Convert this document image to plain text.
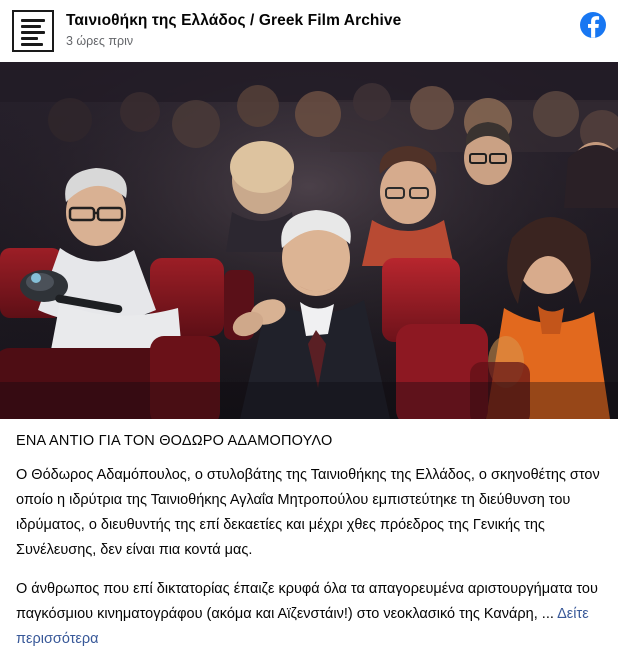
Ταινιοθήκη της Ελλάδος / Greek Film Archive
3 ώρες πριν
ΕΝΑ ΑΝΤΙΟ ΓΙΑ ΤΟΝ ΘΟΔΩΡΟ ΑΔΑΜΟΠΟΥΛΟ

Ο Θόδωρος Αδαμόπουλος, ο στυλοβάτης της Ταινιοθήκης της Ελλάδος, ο σκηνοθέτης στον οποίο η ιδρύτρια της Ταινιοθήκης Αγλαΐα Μητροπούλου εμπιστεύτηκε τη διεύθυνση του ιδρύματος, ο διευθυντής της επί δεκαετίες και μέχρι χθες πρόεδρος της Γενικής της Συνέλευσης, δεν είναι πια κοντά μας.

Ο άνθρωπος που επί δικτατορίας έπαιζε κρυφά όλα τα απαγορευμένα αριστουργήματα του παγκόσμιου κινηματογράφου (ακόμα και Αϊζενστάιν!) στο νεοκλασικό της Κανάρη, ... Δείτε περισσότερα
